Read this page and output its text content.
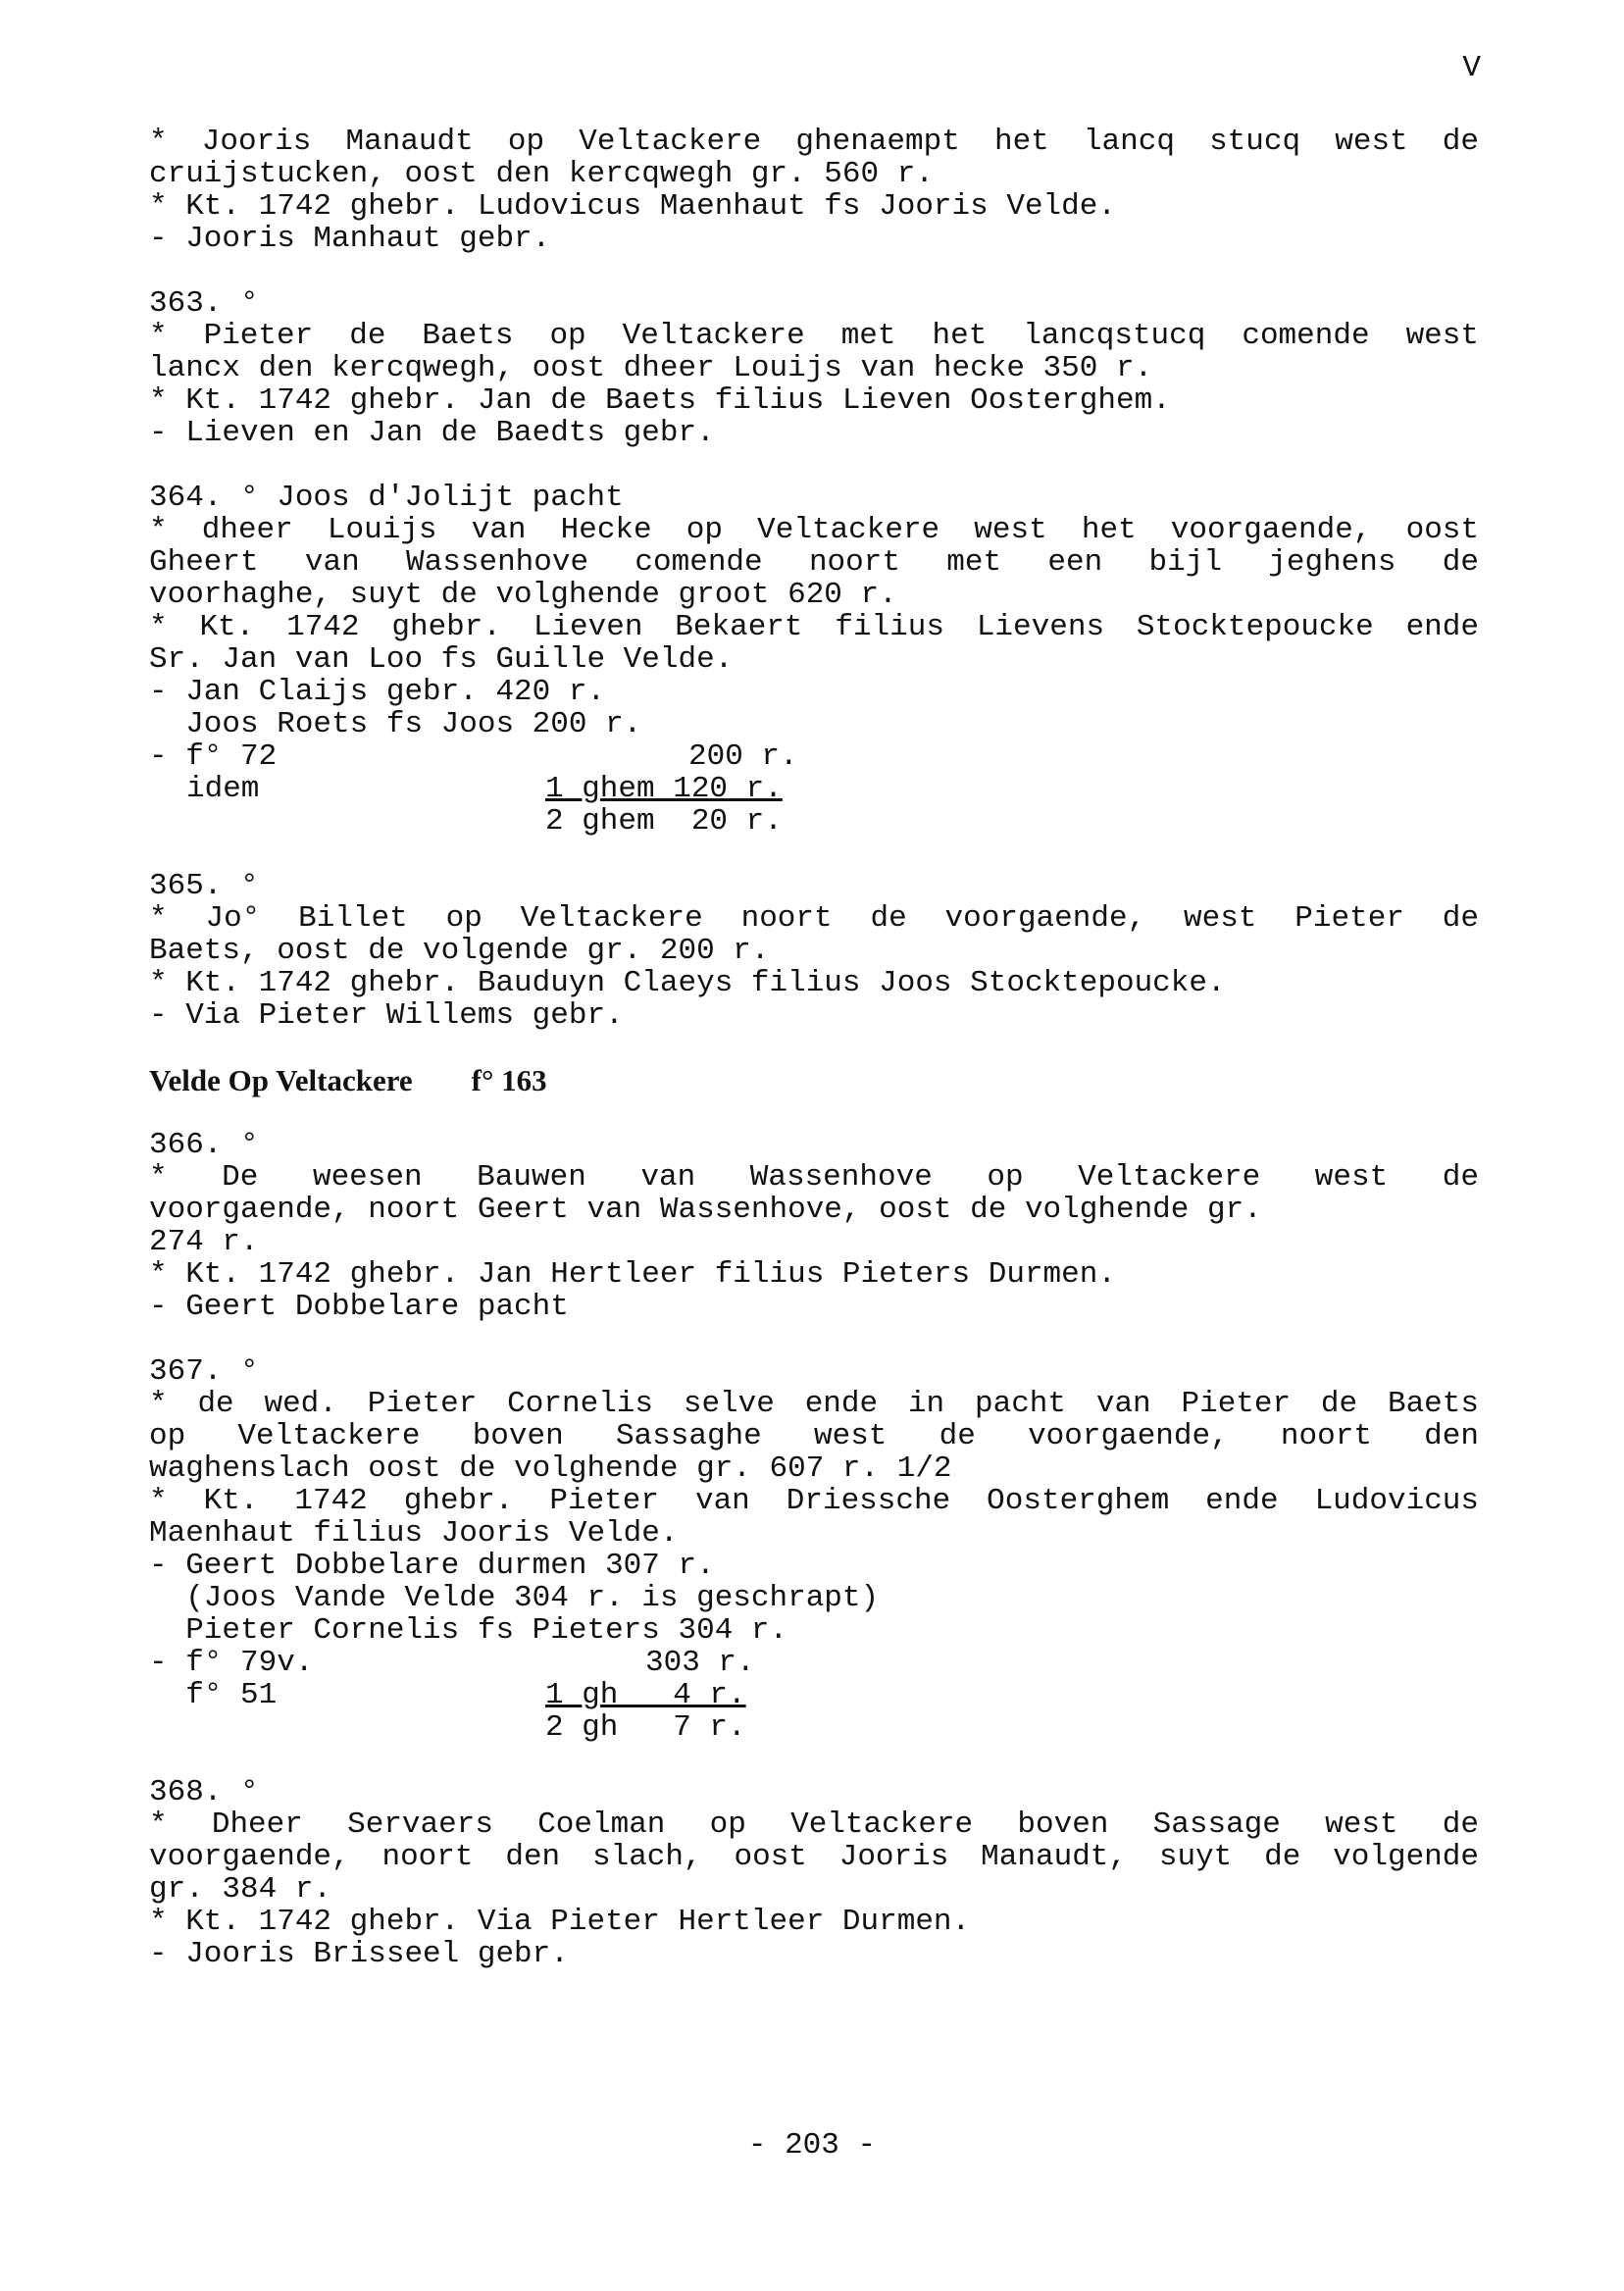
V
* Jooris Manaudt op Veltackere ghenaempt het lancq stucq west de
cruijstucken, oost den kercqwegh gr. 560 r.
* Kt. 1742 ghebr. Ludovicus Maenhaut fs Jooris Velde.
- Jooris Manhaut gebr.
363. °
* Pieter de Baets op Veltackere met het lancqstucq comende west
lancx den kercqwegh, oost dheer Louijs van hecke 350 r.
* Kt. 1742 ghebr. Jan de Baets filius Lieven Oosterghem.
- Lieven en Jan de Baedts gebr.
364. ° Joos d'Jolijt pacht
* dheer Louijs van Hecke op Veltackere west het voorgaende, oost
Gheert van Wassenhove comende noort met een bijl jeghens de
voorhaghe, suyt de volghende groot 620 r.
* Kt. 1742 ghebr. Lieven Bekaert filius Lievens Stocktepoucke ende
Sr. Jan van Loo fs Guille Velde.
- Jan Claijs gebr. 420 r.
Joos Roets fs Joos 200 r.
- f° 72	200 r.
idem	1 ghem 120 r.
2 ghem  20 r.
365. °
* Jo° Billet op Veltackere noort de voorgaende, west Pieter de
Baets, oost de volgende gr. 200 r.
* Kt. 1742 ghebr. Bauduyn Claeys filius Joos Stocktepoucke.
- Via Pieter Willems gebr.
Velde Op Veltackere f° 163
366. °
* De weesen Bauwen van Wassenhove op Veltackere west de
voorgaende, noort Geert van Wassenhove, oost de volghende gr.
274 r.
* Kt. 1742 ghebr. Jan Hertleer filius Pieters Durmen.
- Geert Dobbelare pacht
367. °
* de wed. Pieter Cornelis selve ende in pacht van Pieter de Baets
op Veltackere boven Sassaghe west de voorgaende, noort den
waghenslach oost de volghende gr. 607 r. 1/2
* Kt. 1742 ghebr. Pieter van Driessche Oosterghem ende Ludovicus
Maenhaut filius Jooris Velde.
- Geert Dobbelare durmen 307 r.
(Joos Vande Velde 304 r. is geschrapt)
Pieter Cornelis fs Pieters 304 r.
- f° 79v.	303 r.
f° 51	1 gh   4 r.
2 gh   7 r.
368. °
* Dheer Servaers Coelman op Veltackere boven Sassage west de
voorgaende, noort den slach, oost Jooris Manaudt, suyt de volgende
gr. 384 r.
* Kt. 1742 ghebr. Via Pieter Hertleer Durmen.
- Jooris Brisseel gebr.
- 203 -
